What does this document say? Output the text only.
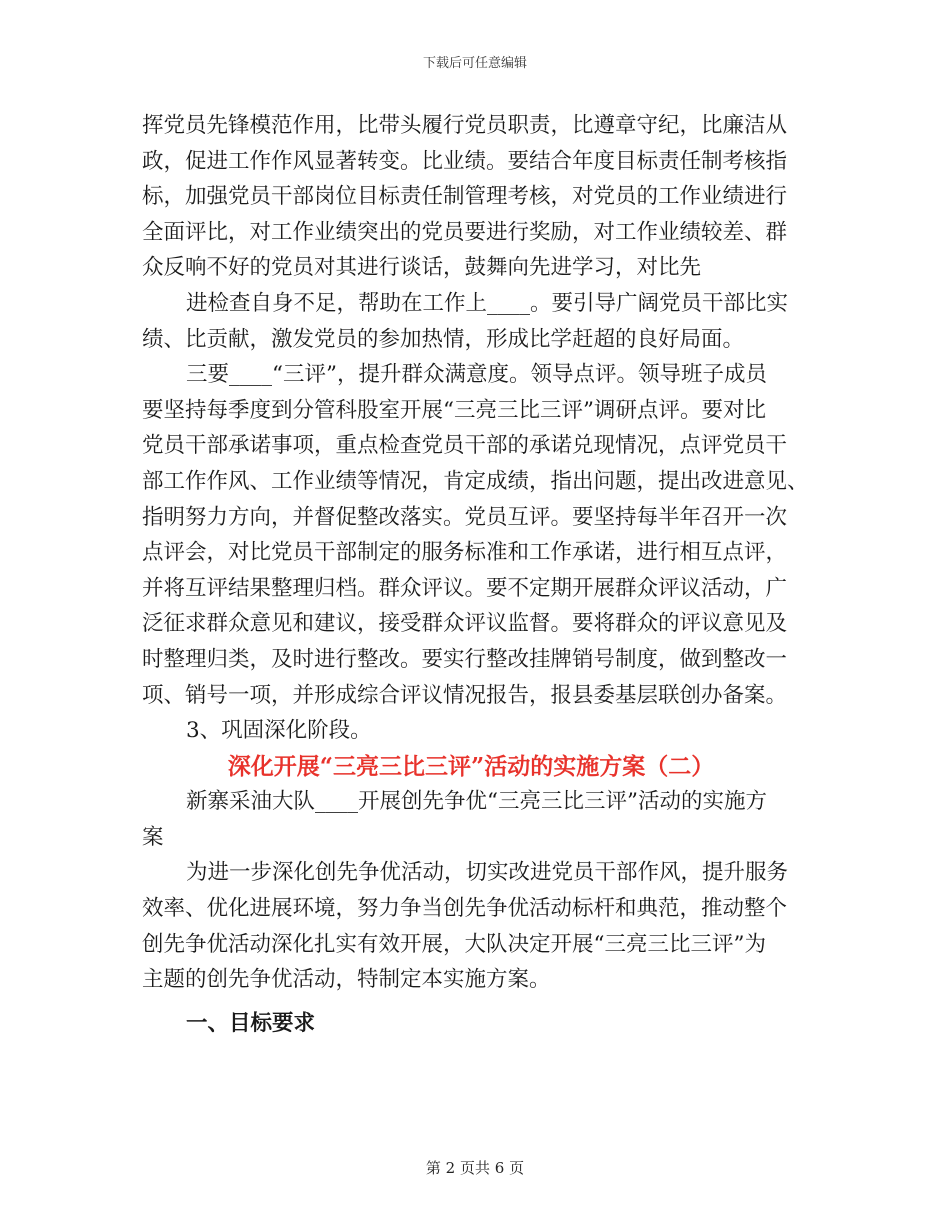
下载后可任意编辑
挥党员先锋模范作用，比带头履行党员职责，比遵章守纪，比廉洁从
政，促进工作作风显著转变。比业绩。要结合年度目标责任制考核指
标，加强党员干部岗位目标责任制管理考核，对党员的工作业绩进行
全面评比，对工作业绩突出的党员要进行奖励，对工作业绩较差、群
众反响不好的党员对其进行谈话，鼓舞向先进学习，对比先
进检查自身不足，帮助在工作上____。要引导广阔党员干部比实
绩、比贡献，激发党员的参加热情，形成比学赶超的良好局面。
三要____“三评”，提升群众满意度。领导点评。领导班子成员
要坚持每季度到分管科股室开展“三亮三比三评”调研点评。要对比
党员干部承诺事项，重点检查党员干部的承诺兑现情况，点评党员干
部工作作风、工作业绩等情况，肯定成绩，指出问题，提出改进意见、
指明努力方向，并督促整改落实。党员互评。要坚持每半年召开一次
点评会，对比党员干部制定的服务标准和工作承诺，进行相互点评，
并将互评结果整理归档。群众评议。要不定期开展群众评议活动，广
泛征求群众意见和建议，接受群众评议监督。要将群众的评议意见及
时整理归类，及时进行整改。要实行整改挂牌销号制度，做到整改一
项、销号一项，并形成综合评议情况报告，报县委基层联创办备案。
3、巩固深化阶段。
深化开展“三亮三比三评”活动的实施方案（二）
新寨采油大队____开展创先争优“三亮三比三评”活动的实施方
案
为进一步深化创先争优活动，切实改进党员干部作风，提升服务
效率、优化进展环境，努力争当创先争优活动标杆和典范，推动整个
创先争优活动深化扎实有效开展，大队决定开展“三亮三比三评”为
主题的创先争优活动，特制定本实施方案。
一、目标要求
第 2 页共 6 页
